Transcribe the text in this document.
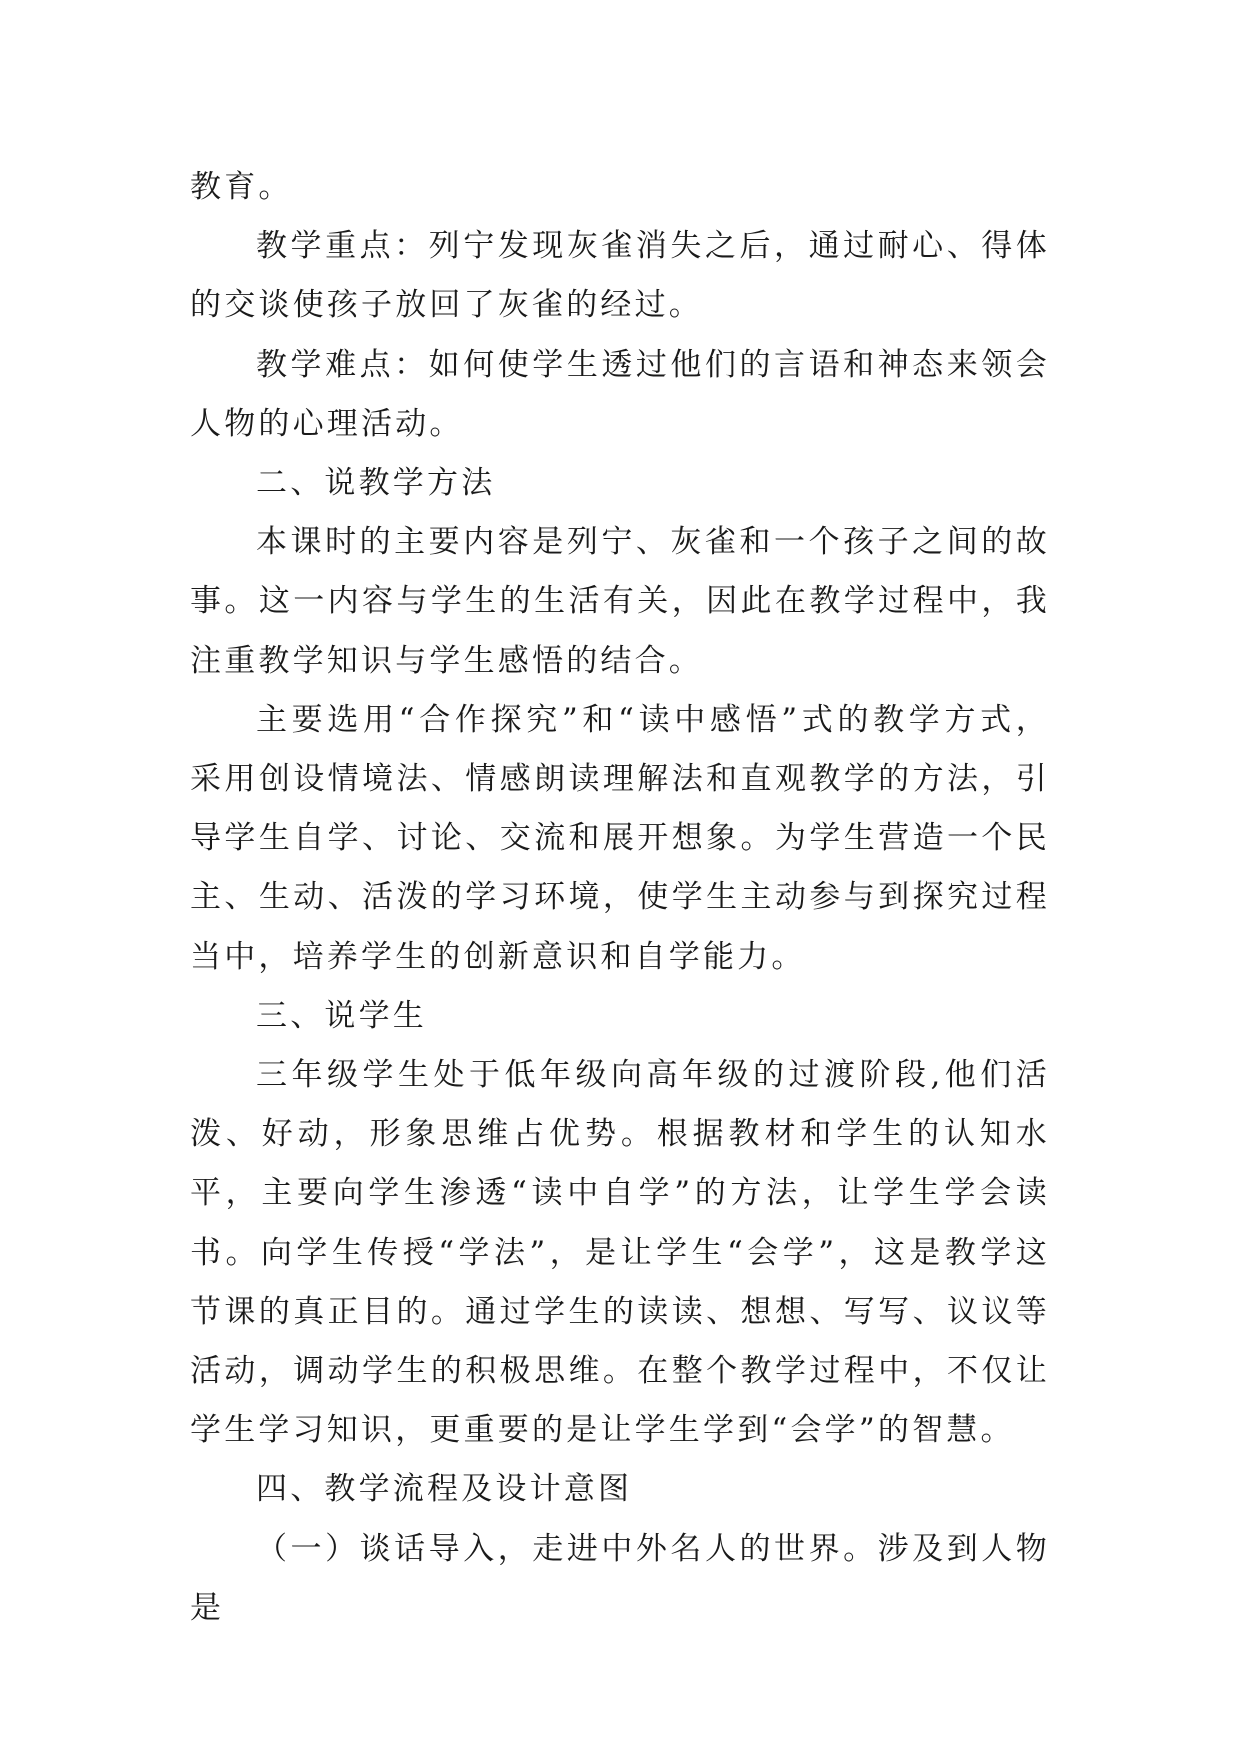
教育。

教学重点：列宁发现灰雀消失之后，通过耐心、得体的交谈使孩子放回了灰雀的经过。

教学难点：如何使学生透过他们的言语和神态来领会人物的心理活动。

二、说教学方法

本课时的主要内容是列宁、灰雀和一个孩子之间的故事。这一内容与学生的生活有关，因此在教学过程中，我注重教学知识与学生感悟的结合。

主要选用“合作探究”和“读中感悟”式的教学方式，采用创设情境法、情感朗读理解法和直观教学的方法，引导学生自学、讨论、交流和展开想象。为学生营造一个民主、生动、活泼的学习环境，使学生主动参与到探究过程当中，培养学生的创新意识和自学能力。

三、说学生

三年级学生处于低年级向高年级的过渡阶段,他们活泼、好动，形象思维占优势。根据教材和学生的认知水平，主要向学生渗透“读中自学”的方法，让学生学会读书。向学生传授“学法”，是让学生“会学”，这是教学这节课的真正目的。通过学生的读读、想想、写写、议议等活动，调动学生的积极思维。在整个教学过程中，不仅让学生学习知识，更重要的是让学生学到“会学”的智慧。

四、教学流程及设计意图

（一）谈话导入，走进中外名人的世界。涉及到人物是
